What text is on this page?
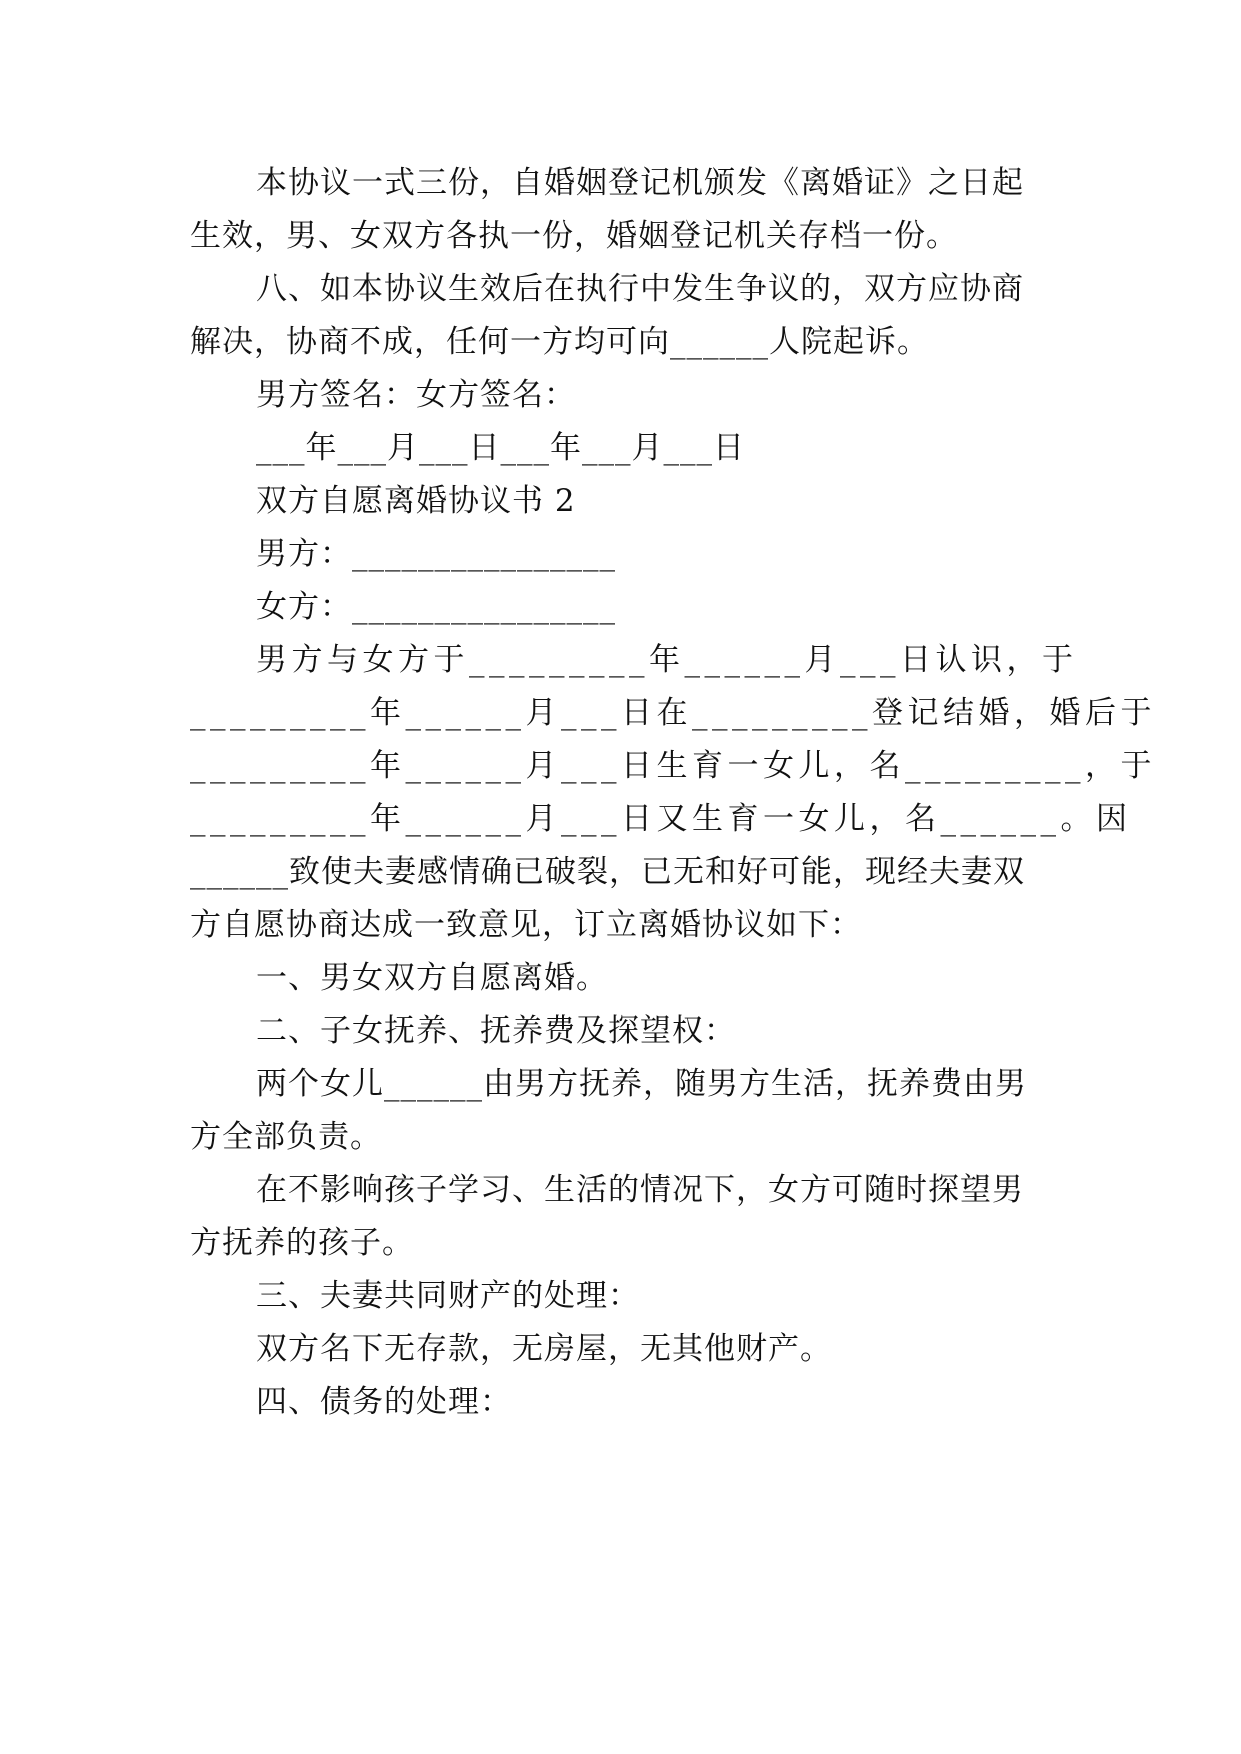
本协议一式三份，自婚姻登记机颁发《离婚证》之日起
生效，男、女双方各执一份，婚姻登记机关存档一份。
八、如本协议生效后在执行中发生争议的，双方应协商
解决，协商不成，任何一方均可向______人院起诉。
男方签名：女方签名：
___年___月___日___年___月___日
双方自愿离婚协议书 2
男方：________________
女方：________________
男方与女方于_________年______月___日认识，于
_________年______月___日在_________登记结婚，婚后于
_________年______月___日生育一女儿，名_________，于
_________年______月___日又生育一女儿，名______。因
______致使夫妻感情确已破裂，已无和好可能，现经夫妻双
方自愿协商达成一致意见，订立离婚协议如下：
一、男女双方自愿离婚。
二、子女抚养、抚养费及探望权：
两个女儿______由男方抚养，随男方生活，抚养费由男
方全部负责。
在不影响孩子学习、生活的情况下，女方可随时探望男
方抚养的孩子。
三、夫妻共同财产的处理：
双方名下无存款，无房屋，无其他财产。
四、债务的处理：
